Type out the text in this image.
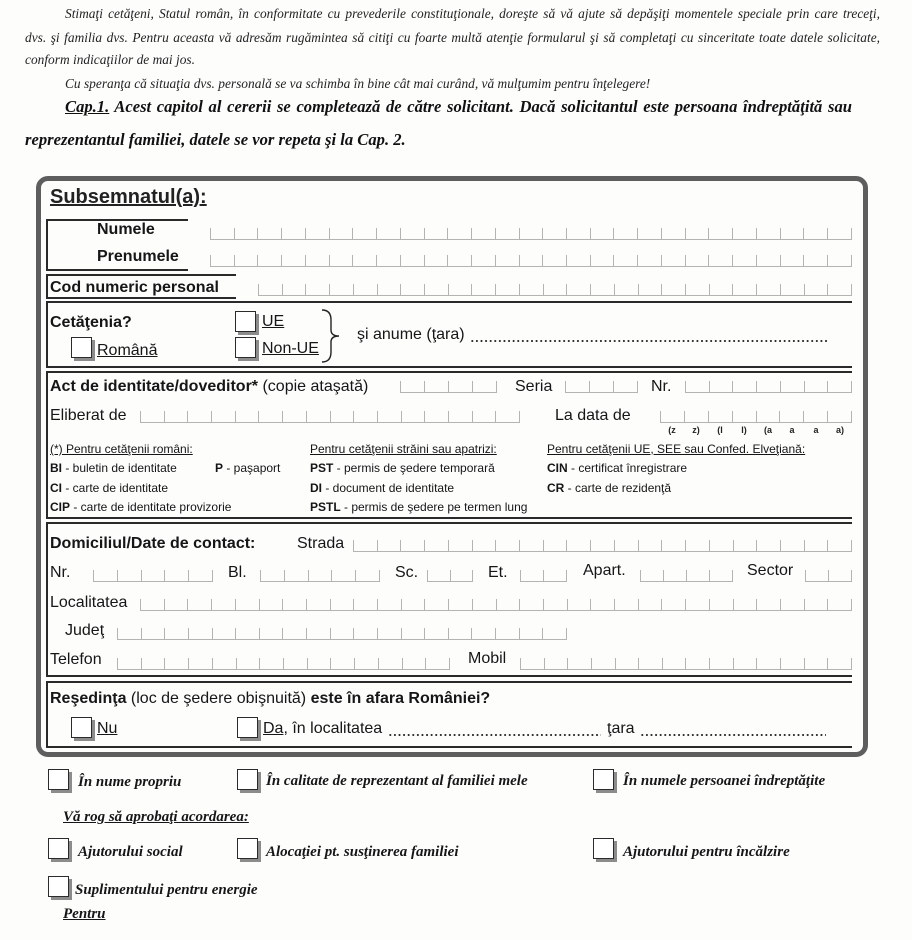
Stimaţi cetăţeni, Statul român, în conformitate cu prevederile constituţionale, doreşte să vă ajute să depăşiţi momentele speciale prin care treceţi,
dvs. şi familia dvs. Pentru aceasta vă adresăm rugămintea să citiţi cu foarte multă atenţie formularul şi să completaţi cu sinceritate toate datele solicitate,
conform indicaţiilor de mai jos.
Cu speranţa că situaţia dvs. personală se va schimba în bine cât mai curând, vă mulţumim pentru înţelegere!
Cap.1. Acest capitol al cererii se completează de către solicitant. Dacă solicitantul este persoana îndreptăţită sau
reprezentantul familiei, datele se vor repeta şi la Cap. 2.
Subsemnatul(a):
Numele
Prenumele
Cod numeric personal
Cetăţenia?
Română
UE
Non-UE
şi anume (ţara)
Act de identitate/doveditor* (copie ataşată)	Seria	Nr.
Eliberat de	La data de
(z	z)	(l	l)	(a	a	a	a)
(*) Pentru cetăţenii români:
BI - buletin de identitate	P - paşaport
CI - carte de identitate
CIP - carte de identitate provizorie
Pentru cetăţenii străini sau apatrizi:
PST - permis de şedere temporară
DI - document de identitate
PSTL - permis de şedere pe termen lung
Pentru cetăţenii UE, SEE sau Confed. Elveţiană:
CIN - certificat înregistrare
CR - carte de rezidenţă
Domiciliul/Date de contact:	Strada
Nr.	Bl.	Sc.	Et.	Apart.	Sector
Localitatea
Judeţ
Telefon	Mobil
Reşedinţa (loc de şedere obişnuită) este în afara României?
Nu	Da, în localitatea	ţara
În nume propriu	În calitate de reprezentant al familiei mele	În numele persoanei îndreptăţite
Vă rog să aprobaţi acordarea:
Ajutorului social	Alocaţiei pt. susţinerea familiei	Ajutorului pentru încălzire
Suplimentului pentru energie
Pentru
